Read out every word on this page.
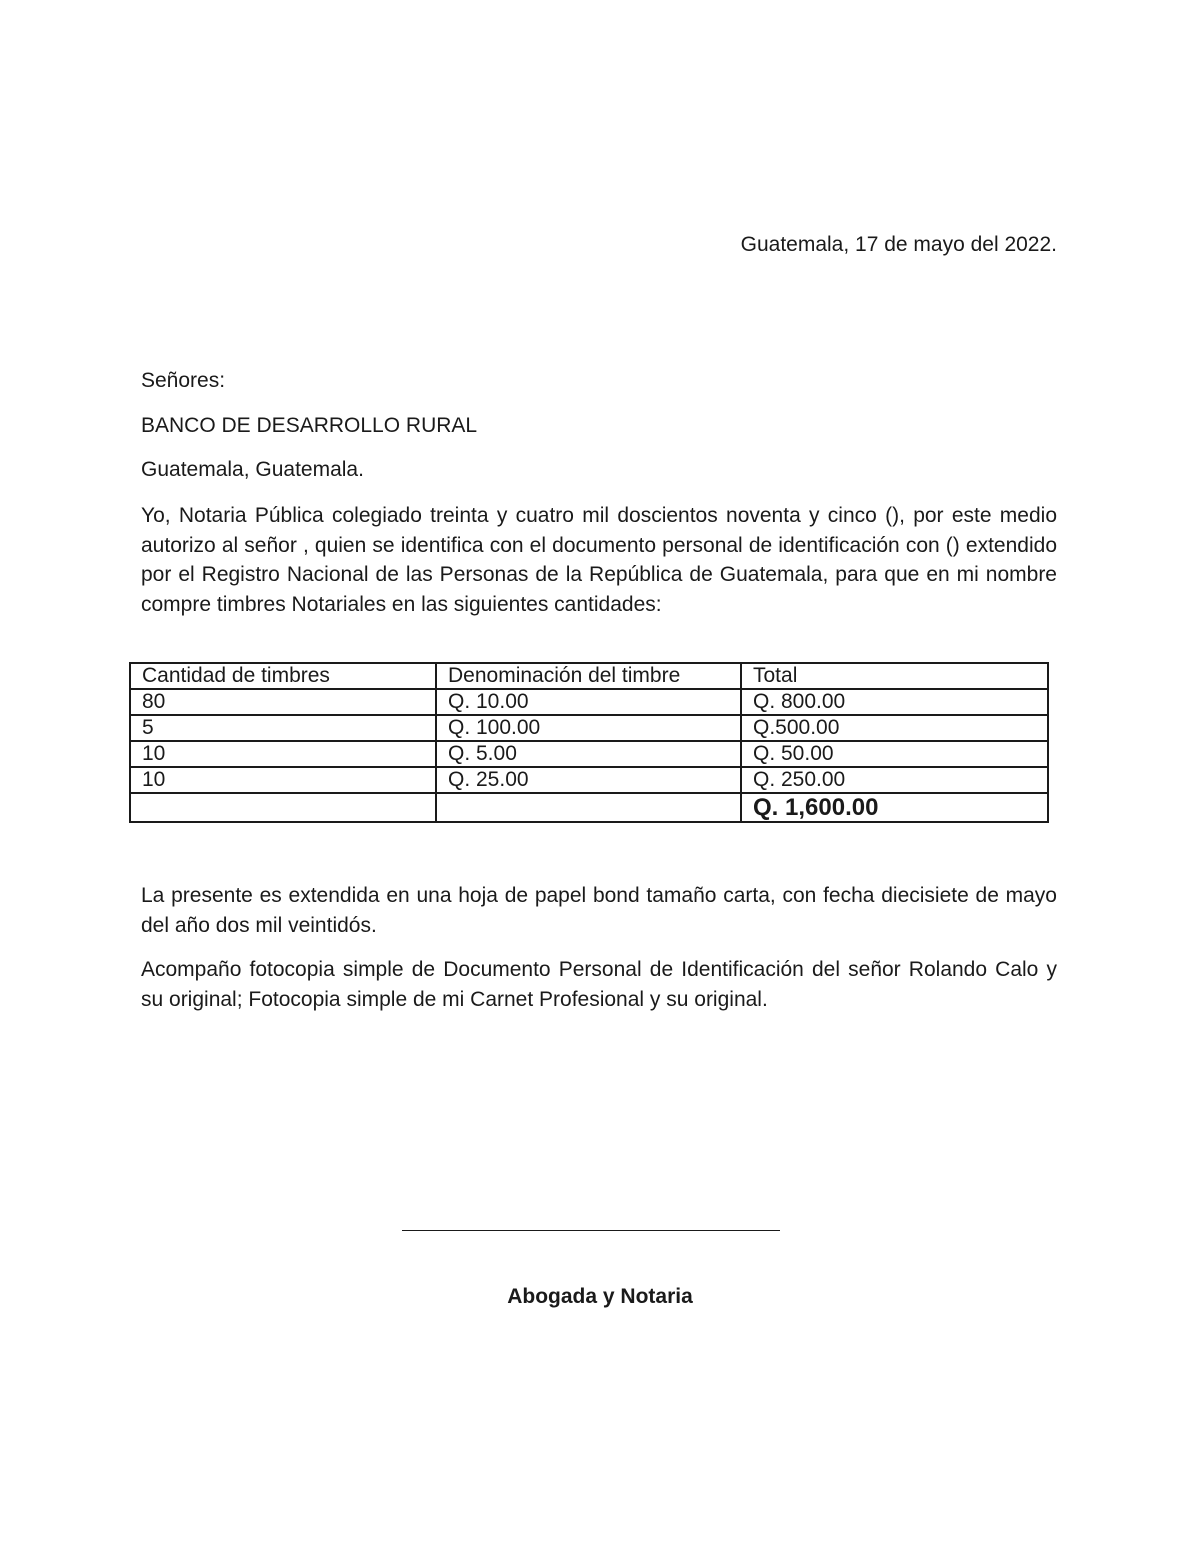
Guatemala, 17 de mayo del 2022.
Señores:
BANCO DE DESARROLLO RURAL
Guatemala, Guatemala.

Yo, Notaria Pública colegiado treinta y cuatro mil doscientos noventa y cinco (), por este medio autorizo al señor , quien se identifica con el documento personal de identificación con () extendido por el Registro Nacional de las Personas de la República de Guatemala, para que en mi nombre compre timbres Notariales en las siguientes cantidades:

Cantidad de timbres	Denominación del timbre	Total
80	Q. 10.00	Q. 800.00
5	Q. 100.00	Q.500.00
10	Q. 5.00	Q. 50.00
10	Q. 25.00	Q. 250.00
		Q. 1,600.00

La presente es extendida en una hoja de papel bond tamaño carta, con fecha diecisiete de mayo del año dos mil veintidós.

Acompaño fotocopia simple de Documento Personal de Identificación del señor Rolando Calo y su original; Fotocopia simple de mi Carnet Profesional y su original.

Abogada y Notaria
